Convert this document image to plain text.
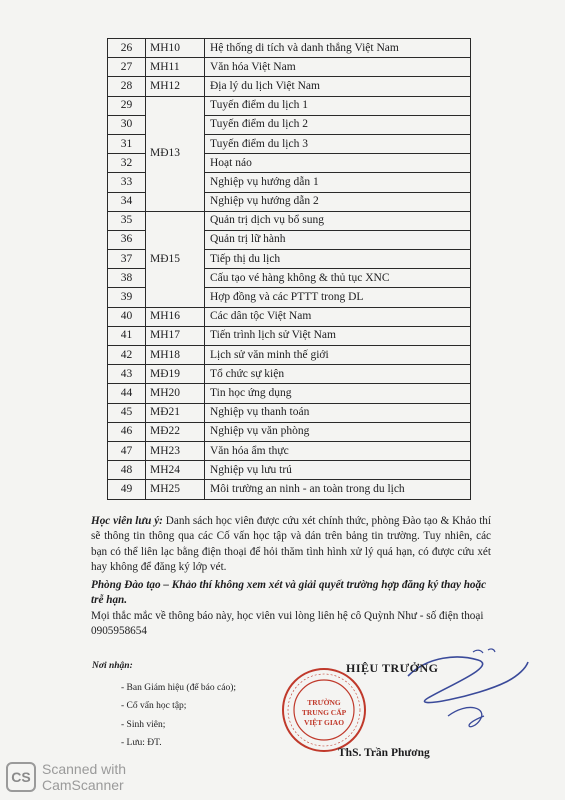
26	MH10	Hệ thống di tích và danh thắng Việt Nam
27	MH11	Văn hóa Việt Nam
28	MH12	Địa lý du lịch Việt Nam
29	MĐ13	Tuyến điểm du lịch 1
30		Tuyến điểm du lịch 2
31		Tuyến điểm du lịch 3
32		Hoạt náo
33		Nghiệp vụ hướng dẫn 1
34		Nghiệp vụ hướng dẫn 2
35	MĐ15	Quản trị dịch vụ bổ sung
36		Quản trị lữ hành
37		Tiếp thị du lịch
38		Cấu tạo vé hàng không & thủ tục XNC
39		Hợp đồng và các PTTT trong DL
40	MH16	Các dân tộc Việt Nam
41	MH17	Tiến trình lịch sử Việt Nam
42	MH18	Lịch sử văn minh thế giới
43	MĐ19	Tổ chức sự kiện
44	MH20	Tin học ứng dụng
45	MĐ21	Nghiệp vụ thanh toán
46	MĐ22	Nghiệp vụ văn phòng
47	MH23	Văn hóa ẩm thực
48	MH24	Nghiệp vụ lưu trú
49	MH25	Môi trường an ninh - an toàn trong du lịch
Học viên lưu ý: Danh sách học viên được cứu xét chính thức, phòng Đào tạo & Khảo thí sẽ thông tin thông qua các Cố vấn học tập và dán trên bảng tin trường. Tuy nhiên, các bạn có thể liên lạc bằng điện thoại để hỏi thăm tình hình xử lý quá hạn, có được cứu xét hay không để đăng ký lớp vét.
Phòng Đào tạo – Khảo thí không xem xét và giải quyết trường hợp đăng ký thay hoặc trễ hạn.
Mọi thắc mắc về thông báo này, học viên vui lòng liên hệ cô Quỳnh Như - số điện thoại
0905958654
Nơi nhận:
- Ban Giám hiệu (để báo cáo);
- Cố vấn học tập;
- Sinh viên;
- Lưu: ĐT.
TRƯỜNG
TRUNG CẤP
VIỆT GIAO
HIỆU TRƯỞNG
ThS. Trần Phương
CS Scanned with
CamScanner
